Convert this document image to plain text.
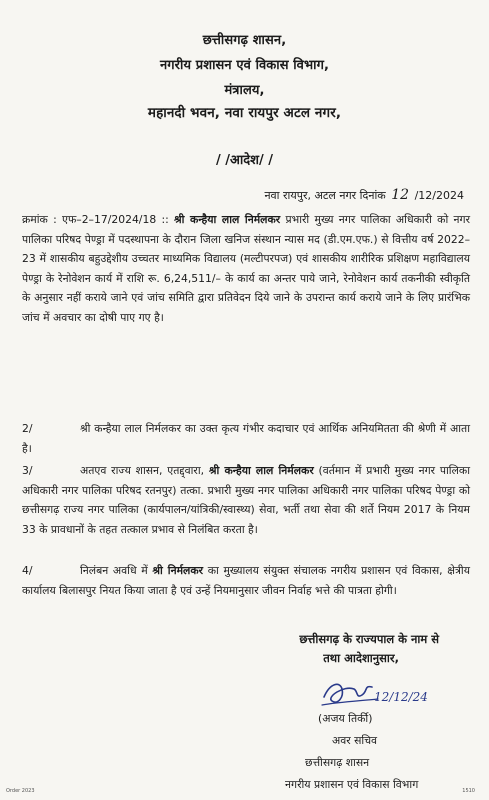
छत्तीसगढ़ शासन,
नगरीय प्रशासन एवं विकास विभाग,
मंत्रालय,
महानदी भवन, नवा रायपुर अटल नगर,
/ /आदेश/ /
नवा रायपुर, अटल नगर दिनांक 12 /12/2024
क्रमांक : एफ–2–17/2024/18 :: श्री कन्हैया लाल निर्मलकर प्रभारी मुख्य नगर पालिका अधिकारी को नगर पालिका परिषद पेण्ड्रा में पदस्थापना के दौरान जिला खनिज संस्थान न्यास मद (डी.एम.एफ.) से वित्तीय वर्ष 2022–23 में शासकीय बहुउद्देशीय उच्चतर माध्यमिक विद्यालय (मल्टीपरपज) एवं शासकीय शारीरिक प्रशिक्षण महाविद्यालय पेण्ड्रा के रेनोवेशन कार्य में राशि रू. 6,24,511/– के कार्य का अन्तर पाये जाने, रेनोवेशन कार्य तकनीकी स्वीकृति के अनुसार नहीं कराये जाने एवं जांच समिति द्वारा प्रतिवेदन दिये जाने के उपरान्त कार्य कराये जाने के लिए प्रारंभिक जांच में अवचार का दोषी पाए गए है।
2/	श्री कन्हैया लाल निर्मलकर का उक्त कृत्य गंभीर कदाचार एवं आर्थिक अनियमितता की श्रेणी में आता है।
3/	अतएव राज्य शासन, एतद्द्वारा, श्री कन्हैया लाल निर्मलकर (वर्तमान में प्रभारी मुख्य नगर पालिका अधिकारी नगर पालिका परिषद रतनपुर) तत्का. प्रभारी मुख्य नगर पालिका अधिकारी नगर पालिका परिषद पेण्ड्रा को छत्तीसगढ़ राज्य नगर पालिका (कार्यपालन/यांत्रिकी/स्वास्थ्य) सेवा, भर्ती तथा सेवा की शर्ते नियम 2017 के नियम 33 के प्रावधानों के तहत तत्काल प्रभाव से निलंबित करता है।
4/	निलंबन अवधि में श्री निर्मलकर का मुख्यालय संयुक्त संचालक नगरीय प्रशासन एवं विकास, क्षेत्रीय कार्यालय बिलासपुर नियत किया जाता है एवं उन्हें नियमानुसार जीवन निर्वाह भत्ते की पात्रता होगी।
छत्तीसगढ़ के राज्यपाल के नाम से
तथा आदेशानुसार,
12/12/24
(अजय तिर्की)
अवर सचिव
छत्तीसगढ़ शासन
नगरीय प्रशासन एवं विकास विभाग
Order 2023	1510
